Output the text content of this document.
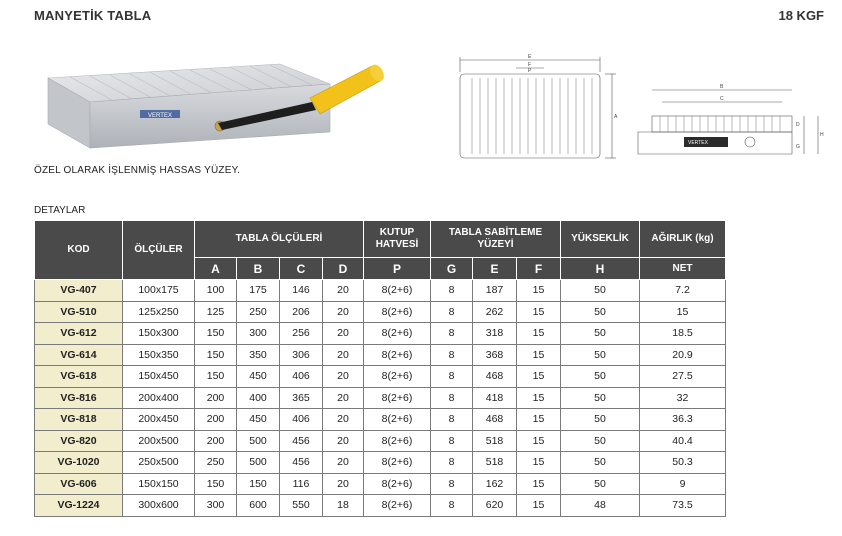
MANYETİK TABLA	18 KGF
VERTEX
E
F
P
A
B
C
D
H
G
VERTEX
ÖZEL OLARAK İŞLENMİŞ HASSAS YÜZEY.
DETAYLAR
KOD	ÖLÇÜLER	TABLA ÖLÇÜLERİ				KUTUP HATVESİ	TABLA SABİTLEME YÜZEYİ			YÜKSEKLİK	AĞIRLIK (kg)
		A	B	C	D	P	G	E	F	H	NET
VG-407	100x175	100	175	146	20	8(2+6)	8	187	15	50	7.2
VG-510	125x250	125	250	206	20	8(2+6)	8	262	15	50	15
VG-612	150x300	150	300	256	20	8(2+6)	8	318	15	50	18.5
VG-614	150x350	150	350	306	20	8(2+6)	8	368	15	50	20.9
VG-618	150x450	150	450	406	20	8(2+6)	8	468	15	50	27.5
VG-816	200x400	200	400	365	20	8(2+6)	8	418	15	50	32
VG-818	200x450	200	450	406	20	8(2+6)	8	468	15	50	36.3
VG-820	200x500	200	500	456	20	8(2+6)	8	518	15	50	40.4
VG-1020	250x500	250	500	456	20	8(2+6)	8	518	15	50	50.3
VG-606	150x150	150	150	116	20	8(2+6)	8	162	15	50	9
VG-1224	300x600	300	600	550	18	8(2+6)	8	620	15	48	73.5
